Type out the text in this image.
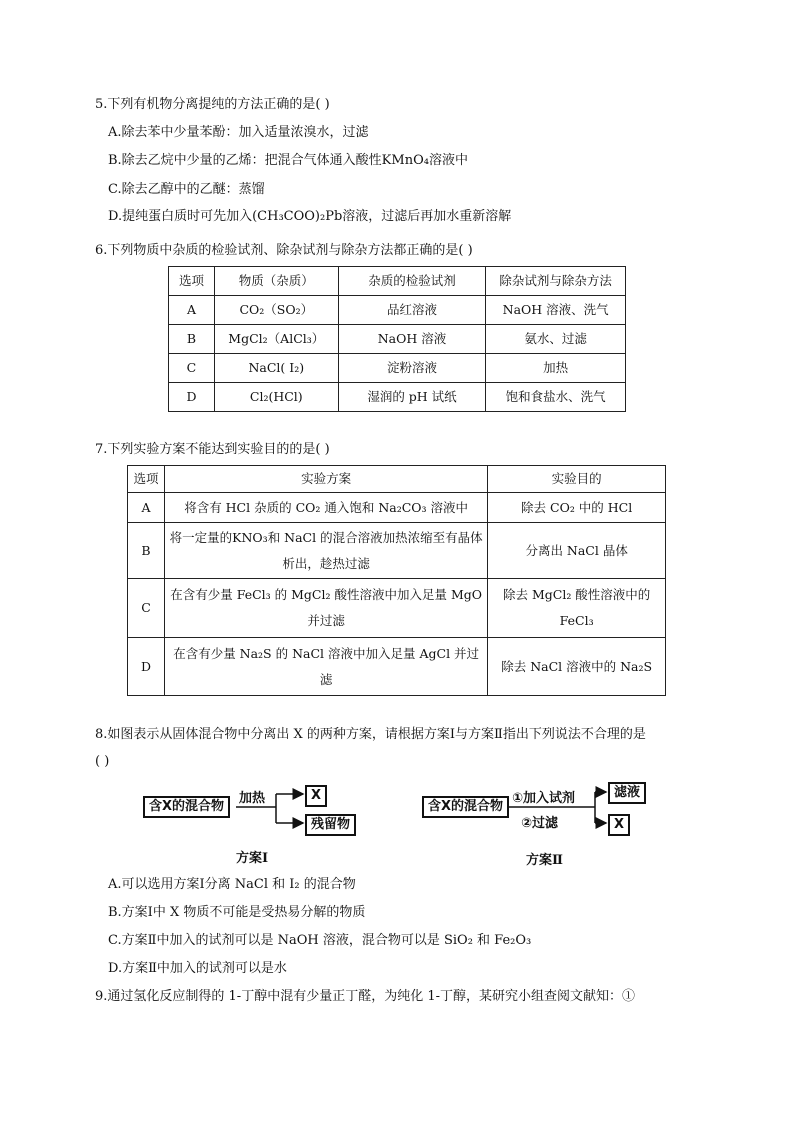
5.下列有机物分离提纯的方法正确的是( )
A.除去苯中少量苯酚：加入适量浓溴水，过滤
B.除去乙烷中少量的乙烯：把混合气体通入酸性KMnO₄溶液中
C.除去乙醇中的乙醚：蒸馏
D.提纯蛋白质时可先加入(CH₃COO)₂Pb溶液，过滤后再加水重新溶解
6.下列物质中杂质的检验试剂、除杂试剂与除杂方法都正确的是( )
选项	物质（杂质）	杂质的检验试剂	除杂试剂与除杂方法
A	CO₂（SO₂）	品红溶液	NaOH 溶液、洗气
B	MgCl₂（AlCl₃）	NaOH 溶液	氨水、过滤
C	NaCl( I₂)	淀粉溶液	加热
D	Cl₂(HCl)	湿润的 pH 试纸	饱和食盐水、洗气
7.下列实验方案不能达到实验目的的是( )
选项	实验方案	实验目的
A	将含有 HCl 杂质的 CO₂ 通入饱和 Na₂CO₃ 溶液中	除去 CO₂ 中的 HCl
B	将一定量的KNO₃和 NaCl 的混合溶液加热浓缩至有晶体析出，趁热过滤	分离出 NaCl 晶体
C	在含有少量 FeCl₃ 的 MgCl₂ 酸性溶液中加入足量 MgO 并过滤	除去 MgCl₂ 酸性溶液中的 FeCl₃
D	在含有少量 Na₂S 的 NaCl 溶液中加入足量 AgCl 并过滤	除去 NaCl 溶液中的 Na₂S
8.如图表示从固体混合物中分离出 X 的两种方案，请根据方案Ⅰ与方案Ⅱ指出下列说法不合理的是
( )
含X的混合物
加热	X
残留物
方案Ⅰ
含X的混合物
①加入试剂
②过滤
滤液
X
方案Ⅱ
A.可以选用方案Ⅰ分离 NaCl 和 I₂ 的混合物
B.方案Ⅰ中 X 物质不可能是受热易分解的物质
C.方案Ⅱ中加入的试剂可以是 NaOH 溶液，混合物可以是 SiO₂ 和 Fe₂O₃
D.方案Ⅱ中加入的试剂可以是水
9.通过氢化反应制得的 1-丁醇中混有少量正丁醛，为纯化 1-丁醇，某研究小组查阅文献知：①
